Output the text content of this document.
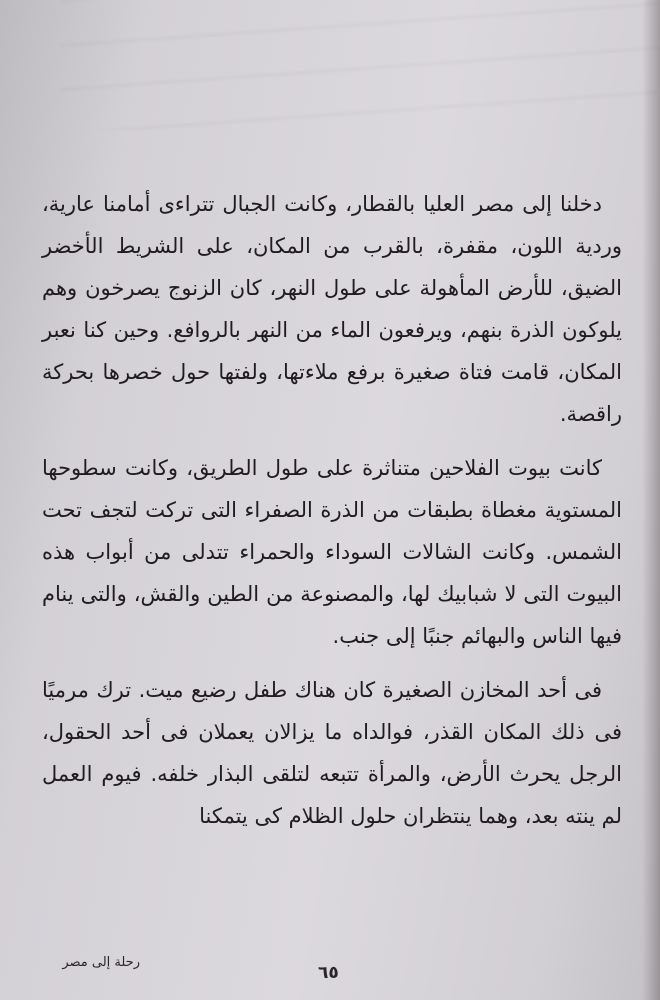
دخلنا إلى مصر العليا بالقطار، وكانت الجبال تتراءى أمامنا عارية، وردية اللون، مقفرة، بالقرب من المكان، على الشريط الأخضر الضيق، للأرض المأهولة على طول النهر، كان الزنوج يصرخون وهم يلوكون الذرة بنهم، ويرفعون الماء من النهر بالروافع. وحين كنا نعبر المكان، قامت فتاة صغيرة برفع ملاءتها، ولفتها حول خصرها بحركة راقصة.

كانت بيوت الفلاحين متناثرة على طول الطريق، وكانت سطوحها المستوية مغطاة بطبقات من الذرة الصفراء التى تركت لتجف تحت الشمس. وكانت الشالات السوداء والحمراء تتدلى من أبواب هذه البيوت التى لا شبابيك لها، والمصنوعة من الطين والقش، والتى ينام فيها الناس والبهائم جنبًا إلى جنب.

فى أحد المخازن الصغيرة كان هناك طفل رضيع ميت. ترك مرميًا فى ذلك المكان القذر، فوالداه ما يزالان يعملان فى أحد الحقول، الرجل يحرث الأرض، والمرأة تتبعه لتلقى البذار خلفه. فيوم العمل لم ينته بعد، وهما ينتظران حلول الظلام كى يتمكنا

رحلة إلى مصر
٦٥
